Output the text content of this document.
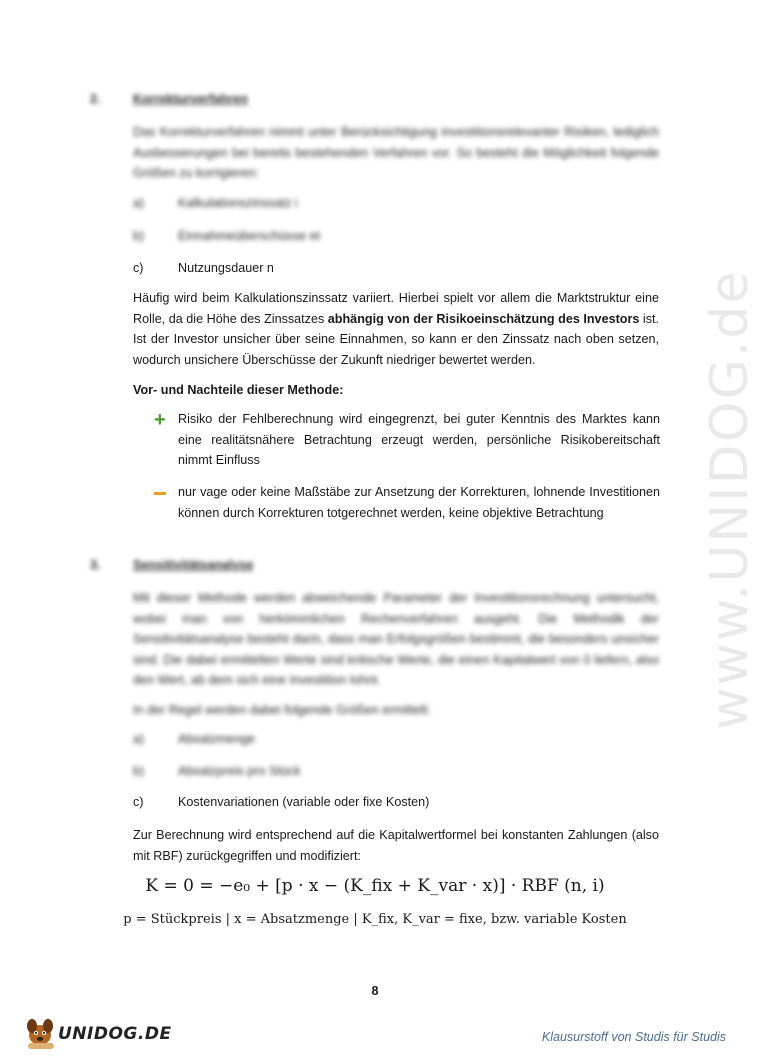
www.UNIDOG.de
2.	Korrekturverfahren
Das Korrekturverfahren nimmt unter Berücksichtigung investitionsrelevanter Risiken, lediglich Ausbesserungen bei bereits bestehenden Verfahren vor. So besteht die Möglichkeit folgende Größen zu korrigieren:
a)	Kalkulationszinssatz i
b)	Einnahmeüberschüsse et
c)	Nutzungsdauer n
Häufig wird beim Kalkulationszinssatz variiert. Hierbei spielt vor allem die Marktstruktur eine Rolle, da die Höhe des Zinssatzes abhängig von der Risikoeinschätzung des Investors ist. Ist der Investor unsicher über seine Einnahmen, so kann er den Zinssatz nach oben setzen, wodurch unsichere Überschüsse der Zukunft niedriger bewertet werden.
Vor- und Nachteile dieser Methode:
+ Risiko der Fehlberechnung wird eingegrenzt, bei guter Kenntnis des Marktes kann eine realitätsnähere Betrachtung erzeugt werden, persönliche Risikobereitschaft nimmt Einfluss
nur vage oder keine Maßstäbe zur Ansetzung der Korrekturen, lohnende Investitionen können durch Korrekturen totgerechnet werden, keine objektive Betrachtung
3.	Sensitivitätsanalyse
Mit dieser Methode werden abweichende Parameter der Investitionsrechnung untersucht, wobei man von herkömmlichen Rechenverfahren ausgeht. Die Methodik der Sensitivitätsanalyse besteht darin, dass man Erfolgsgrößen bestimmt, die besonders unsicher sind. Die dabei ermittelten Werte sind kritische Werte, die einen Kapitalwert von 0 liefern, also den Wert, ab dem sich eine Investition lohnt.
In der Regel werden dabei folgende Größen ermittelt:
a)	Absatzmenge
b)	Absatzpreis pro Stück
c)	Kostenvariationen (variable oder fixe Kosten)
Zur Berechnung wird entsprechend auf die Kapitalwertformel bei konstanten Zahlungen (also mit RBF) zurückgegriffen und modifiziert:
K = 0 = −e₀ + [p · x − (K_fix + K_var · x)] · RBF (n, i)
p = Stückpreis | x = Absatzmenge | K_fix, K_var = fixe, bzw. variable Kosten
8
UNIDOG.DE	Klausurstoff von Studis für Studis
